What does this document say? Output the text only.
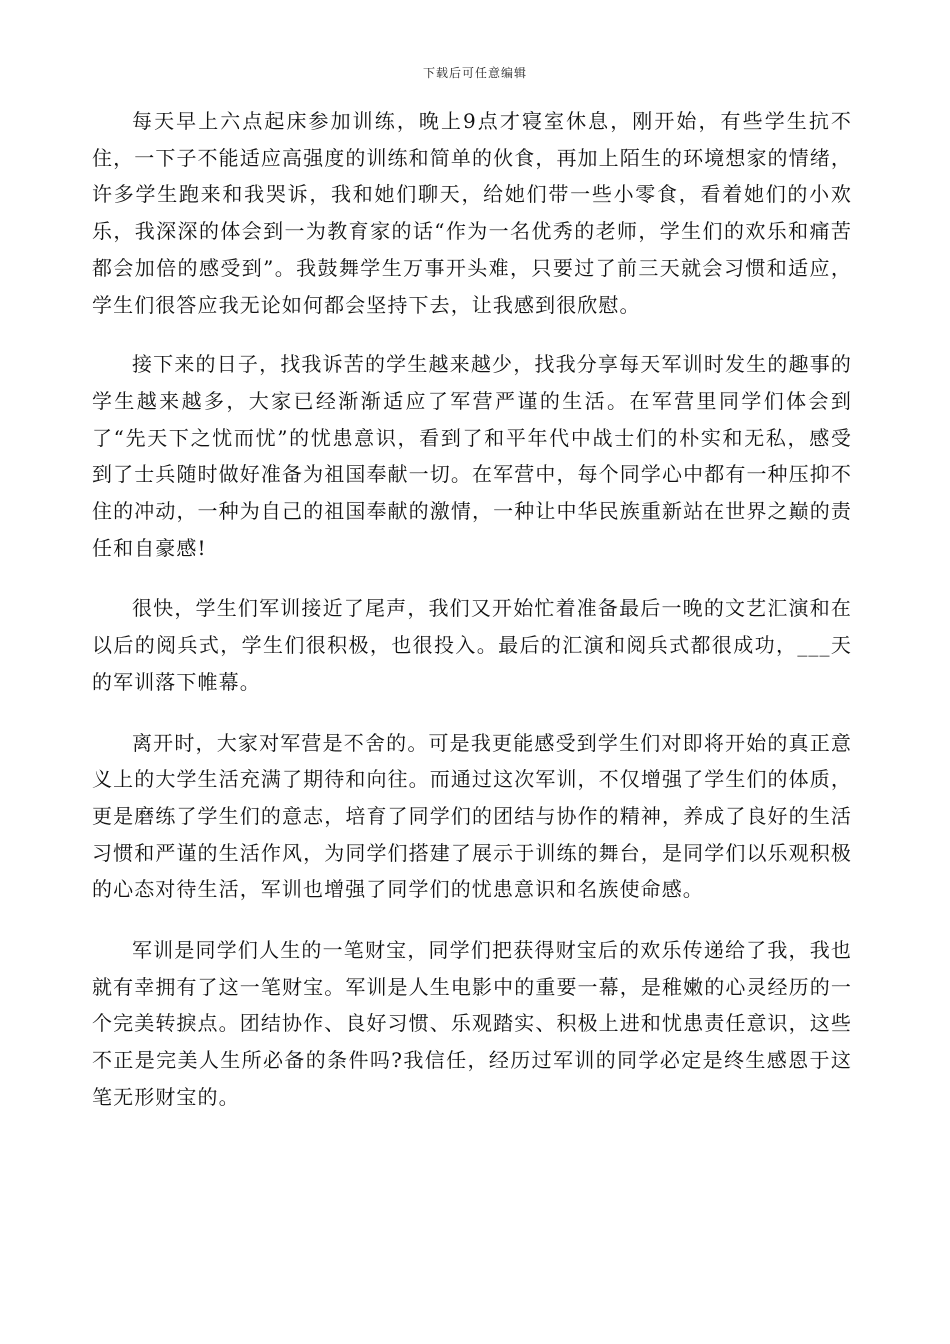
下载后可任意编辑

每天早上六点起床参加训练，晚上9点才寝室休息，刚开始，有些学生抗不住，一下子不能适应高强度的训练和简单的伙食，再加上陌生的环境想家的情绪，许多学生跑来和我哭诉，我和她们聊天，给她们带一些小零食，看着她们的小欢乐，我深深的体会到一为教育家的话“作为一名优秀的老师，学生们的欢乐和痛苦都会加倍的感受到”。我鼓舞学生万事开头难，只要过了前三天就会习惯和适应，学生们很答应我无论如何都会坚持下去，让我感到很欣慰。

接下来的日子，找我诉苦的学生越来越少，找我分享每天军训时发生的趣事的学生越来越多，大家已经渐渐适应了军营严谨的生活。在军营里同学们体会到了“先天下之忧而忧”的忧患意识，看到了和平年代中战士们的朴实和无私，感受到了士兵随时做好准备为祖国奉献一切。在军营中，每个同学心中都有一种压抑不住的冲动，一种为自己的祖国奉献的激情，一种让中华民族重新站在世界之巅的责任和自豪感!

很快，学生们军训接近了尾声，我们又开始忙着准备最后一晚的文艺汇演和在以后的阅兵式，学生们很积极，也很投入。最后的汇演和阅兵式都很成功，___天的军训落下帷幕。

离开时，大家对军营是不舍的。可是我更能感受到学生们对即将开始的真正意义上的大学生活充满了期待和向往。而通过这次军训，不仅增强了学生们的体质，更是磨练了学生们的意志，培育了同学们的团结与协作的精神，养成了良好的生活习惯和严谨的生活作风，为同学们搭建了展示于训练的舞台，是同学们以乐观积极的心态对待生活，军训也增强了同学们的忧患意识和名族使命感。

军训是同学们人生的一笔财宝，同学们把获得财宝后的欢乐传递给了我，我也就有幸拥有了这一笔财宝。军训是人生电影中的重要一幕，是稚嫩的心灵经历的一个完美转捩点。团结协作、良好习惯、乐观踏实、积极上进和忧患责任意识，这些不正是完美人生所必备的条件吗?我信任，经历过军训的同学必定是终生感恩于这笔无形财宝的。
